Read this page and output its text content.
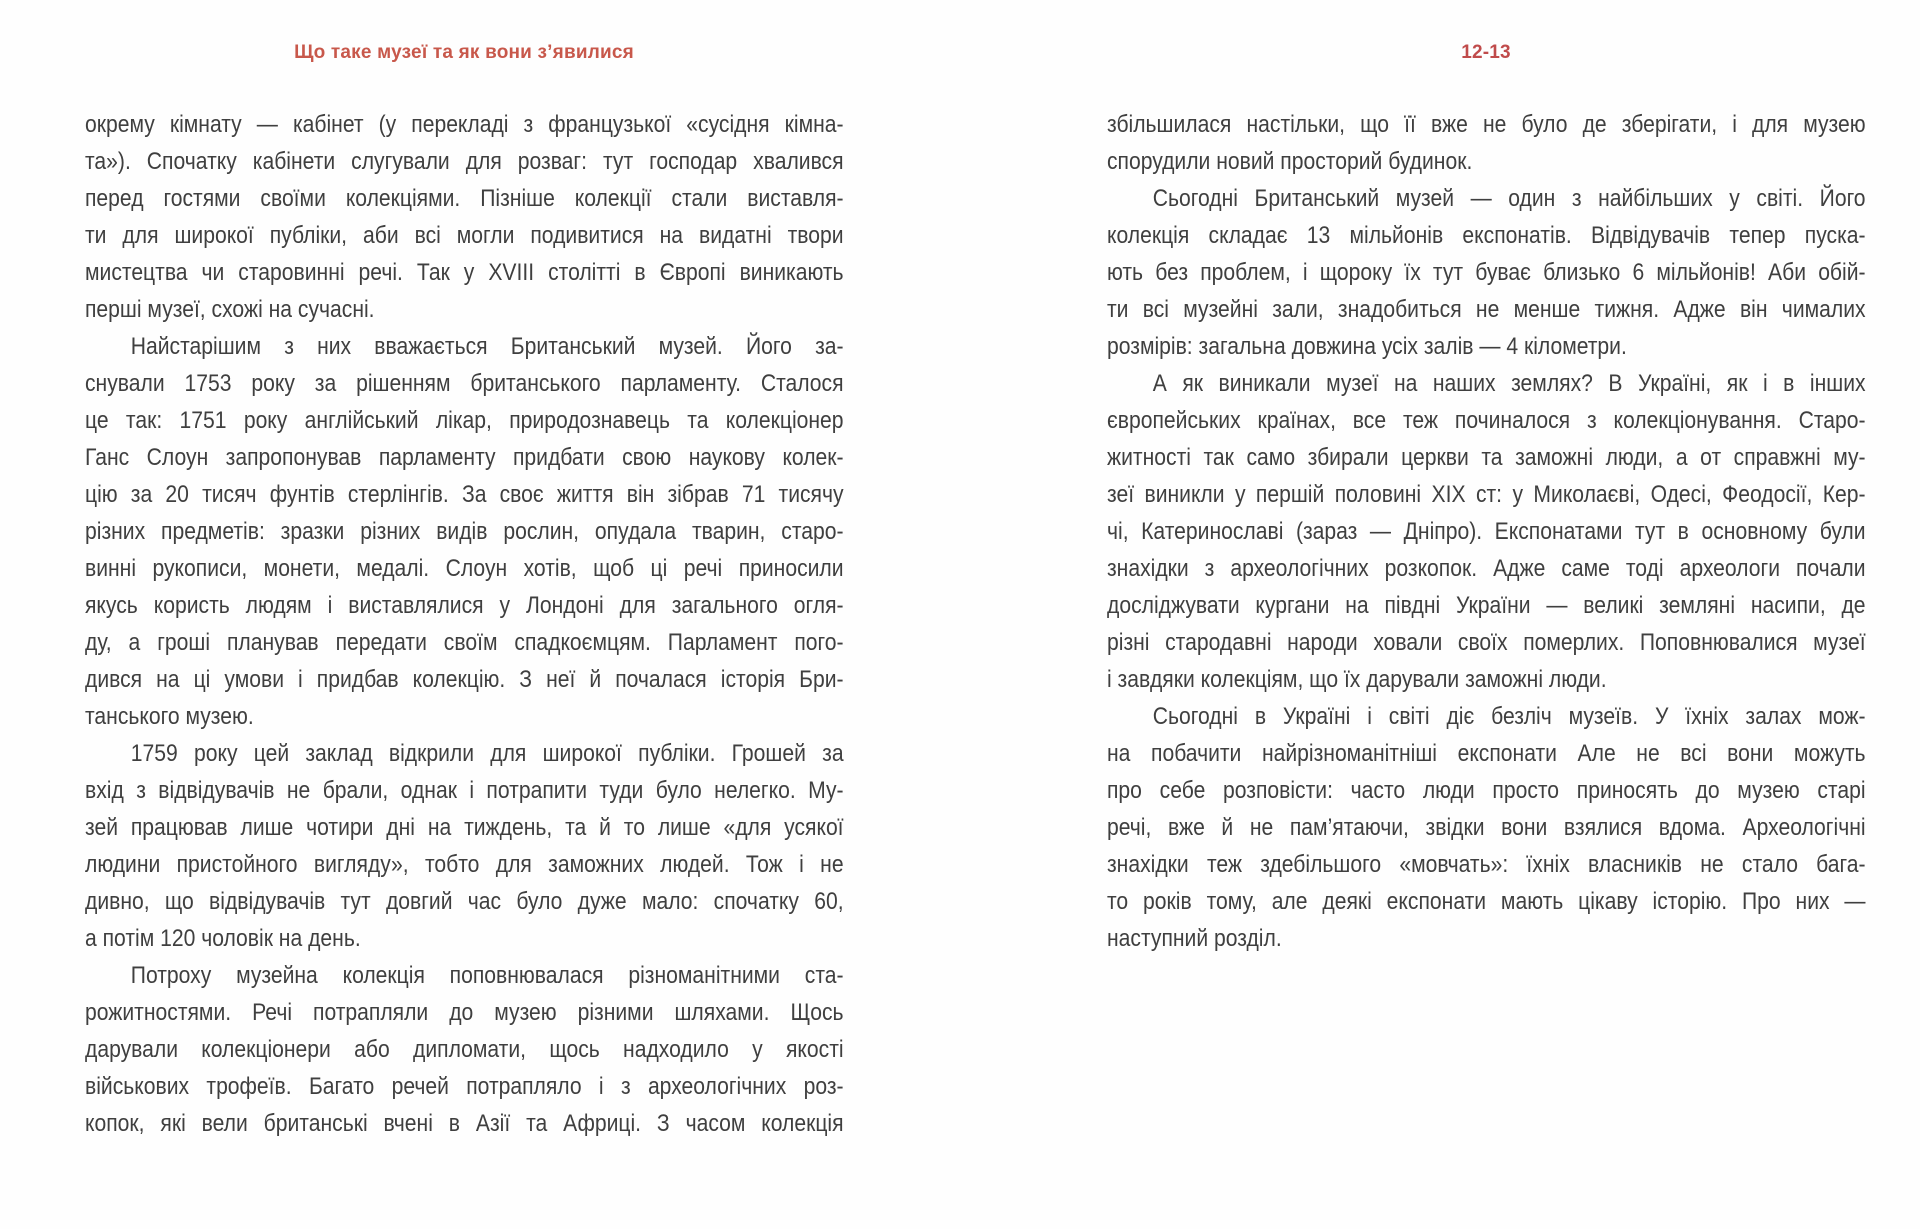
Що таке музеї та як вони з’явилися	12-13
окрему кімнату — кабінет (у перекладі з французької «сусідня кімна-
та»). Спочатку кабінети слугували для розваг: тут господар хвалився
перед гостями своїми колекціями. Пізніше колекції стали виставля-
ти для широкої публіки, аби всі могли подивитися на видатні твори
мистецтва чи старовинні речі. Так у XVIII столітті в Європі виникають
перші музеї, схожі на сучасні.
Найстарішим з них вважається Британський музей. Його за-
снували 1753 року за рішенням британського парламенту. Сталося
це так: 1751 року англійський лікар, природознавець та колекціонер
Ганс Слоун запропонував парламенту придбати свою наукову колек-
цію за 20 тисяч фунтів стерлінгів. За своє життя він зібрав 71 тисячу
різних предметів: зразки різних видів рослин, опудала тварин, старо-
винні рукописи, монети, медалі. Слоун хотів, щоб ці речі приносили
якусь користь людям і виставлялися у Лондоні для загального огля-
ду, а гроші планував передати своїм спадкоємцям. Парламент пого-
дився на ці умови і придбав колекцію. З неї й почалася історія Бри-
танського музею.
1759 року цей заклад відкрили для широкої публіки. Грошей за
вхід з відвідувачів не брали, однак і потрапити туди було нелегко. Му-
зей працював лише чотири дні на тиждень, та й то лише «для усякої
людини пристойного вигляду», тобто для заможних людей. Тож і не
дивно, що відвідувачів тут довгий час було дуже мало: спочатку 60,
а потім 120 чоловік на день.
Потроху музейна колекція поповнювалася різноманітними ста-
рожитностями. Речі потрапляли до музею різними шляхами. Щось
дарували колекціонери або дипломати, щось надходило у якості
військових трофеїв. Багато речей потрапляло і з археологічних роз-
копок, які вели британські вчені в Азії та Африці. З часом колекція
збільшилася настільки, що її вже не було де зберігати, і для музею
спорудили новий просторий будинок.
Сьогодні Британський музей — один з найбільших у світі. Його
колекція складає 13 мільйонів експонатів. Відвідувачів тепер пуска-
ють без проблем, і щороку їх тут буває близько 6 мільйонів! Аби обій-
ти всі музейні зали, знадобиться не менше тижня. Адже він чималих
розмірів: загальна довжина усіх залів — 4 кілометри.
А як виникали музеї на наших землях? В Україні, як і в інших
європейських країнах, все теж починалося з колекціонування. Старо-
житності так само збирали церкви та заможні люди, а от справжні му-
зеї виникли у першій половині XIX ст: у Миколаєві, Одесі, Феодосії, Кер-
чі, Катеринославі (зараз — Дніпро). Експонатами тут в основному були
знахідки з археологічних розкопок. Адже саме тоді археологи почали
досліджувати кургани на півдні України — великі земляні насипи, де
різні стародавні народи ховали своїх померлих. Поповнювалися музеї
і завдяки колекціям, що їх дарували заможні люди.
Сьогодні в Україні і світі діє безліч музеїв. У їхніх залах мож-
на побачити найрізноманітніші експонати Але не всі вони можуть
про себе розповісти: часто люди просто приносять до музею старі
речі, вже й не пам’ятаючи, звідки вони взялися вдома. Археологічні
знахідки теж здебільшого «мовчать»: їхніх власників не стало бага-
то років тому, але деякі експонати мають цікаву історію. Про них —
наступний розділ.
